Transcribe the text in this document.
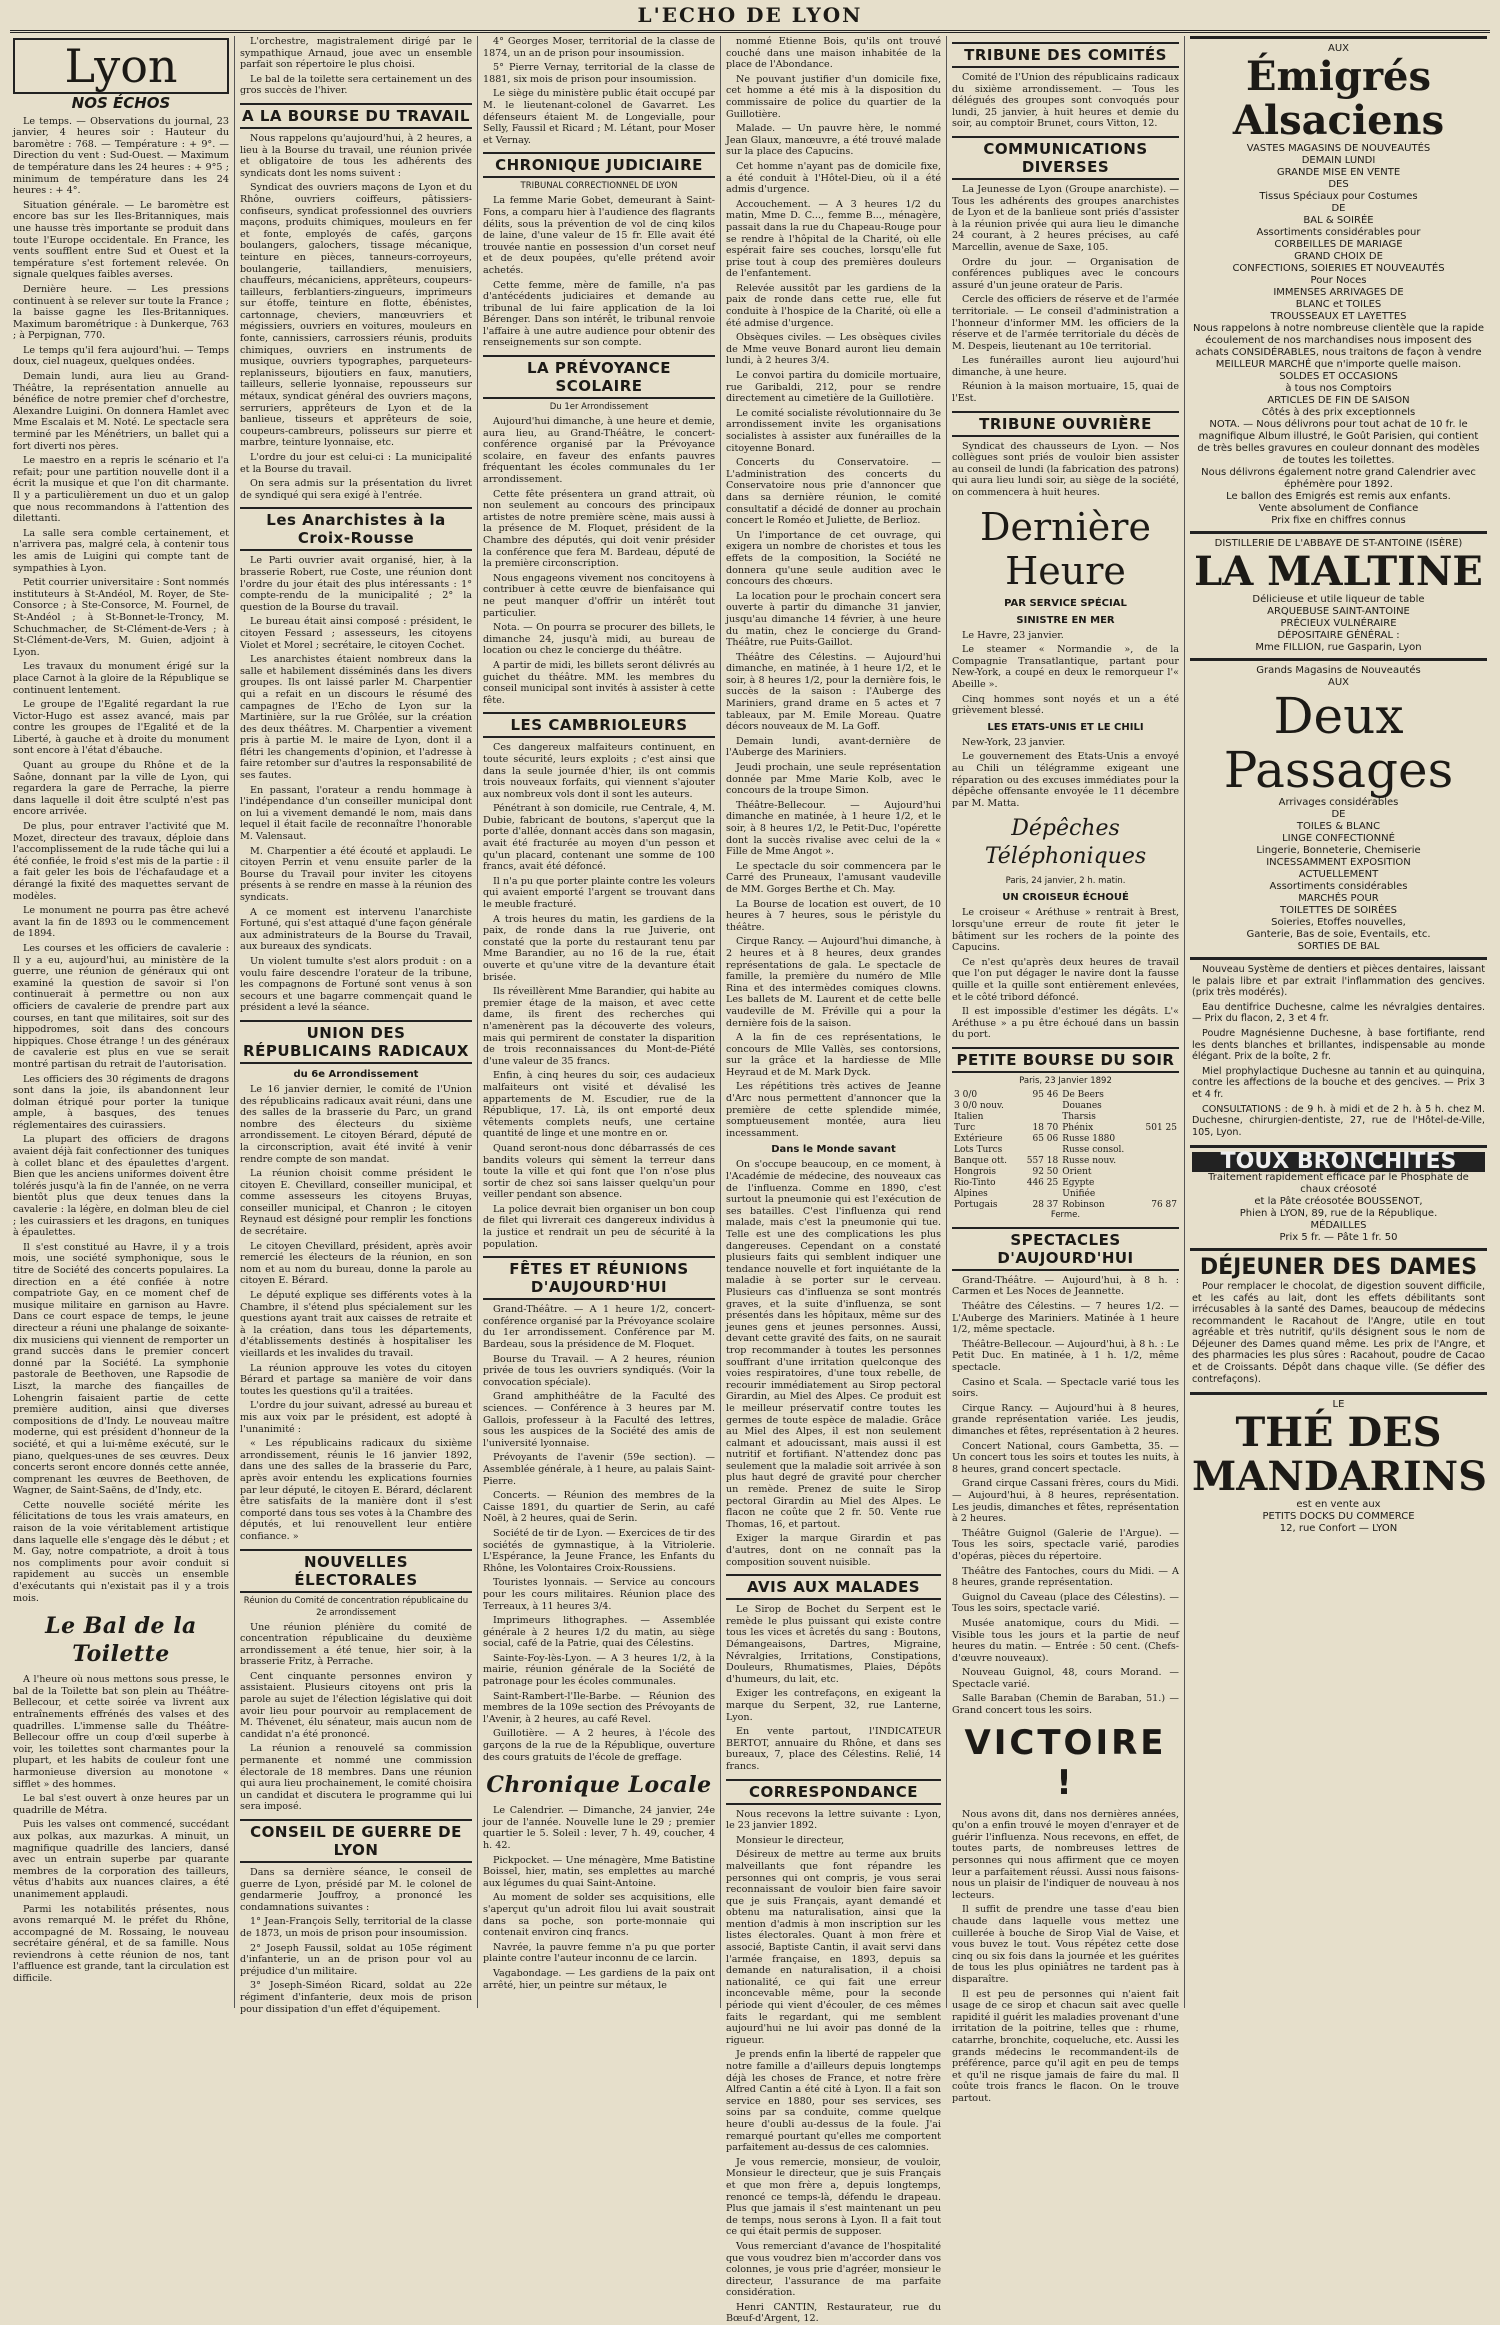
L'ECHO DE LYON
Lyon
NOS ÉCHOS

Le temps. — Observations du journal, 23 janvier, 4 heures soir : Hauteur du baromètre : 768. — Température : + 9°. — Direction du vent : Sud-Ouest. — Maximum de température dans les 24 heures : + 9°5 ; minimum de température dans les 24 heures : + 4°.

Situation générale. — Le baromètre est encore bas sur les Iles-Britanniques, mais une hausse très importante se produit dans toute l'Europe occidentale. En France, les vents soufflent entre Sud et Ouest et la température s'est fortement relevée. On signale quelques faibles averses.

Dernière heure. — Les pressions continuent à se relever sur toute la France ; la baisse gagne les Iles-Britanniques. Maximum barométrique : à Dunkerque, 763 ; à Perpignan, 770.

Le temps qu'il fera aujourd'hui. — Temps doux, ciel nuageux, quelques ondées.

Demain lundi, aura lieu au Grand-Théâtre, la représentation annuelle au bénéfice de notre premier chef d'orchestre, Alexandre Luigini. On donnera Hamlet avec Mme Escalais et M. Noté. Le spectacle sera terminé par les Ménétriers, un ballet qui a fort diverti nos pères.

Le maestro en a repris le scénario et l'a refait; pour une partition nouvelle dont il a écrit la musique et que l'on dit charmante. Il y a particulièrement un duo et un galop que nous recommandons à l'attention des dilettanti.

La salle sera comble certainement, et n'arrivera pas, malgré cela, à contenir tous les amis de Luigini qui compte tant de sympathies à Lyon.

Petit courrier universitaire : Sont nommés instituteurs à St-Andéol, M. Royer, de Ste-Consorce ; à Ste-Consorce, M. Fournel, de St-Andéol ; à St-Bonnet-le-Troncy, M. Schuchmacher, de St-Clément-de-Vers ; à St-Clément-de-Vers, M. Guien, adjoint à Lyon.

Les travaux du monument érigé sur la place Carnot à la gloire de la République se continuent lentement.

Le groupe de l'Egalité regardant la rue Victor-Hugo est assez avancé, mais par contre les groupes de l'Egalité et de la Liberté, à gauche et à droite du monument sont encore à l'état d'ébauche.

Quant au groupe du Rhône et de la Saône, donnant par la ville de Lyon, qui regardera la gare de Perrache, la pierre dans laquelle il doit être sculpté n'est pas encore arrivée.

De plus, pour entraver l'activité que M. Mozet, directeur des travaux, déploie dans l'accomplissement de la rude tâche qui lui a été confiée, le froid s'est mis de la partie : il a fait geler les bois de l'échafaudage et a dérangé la fixité des maquettes servant de modèles.

Le monument ne pourra pas être achevé avant la fin de 1893 ou le commencement de 1894.

Les courses et les officiers de cavalerie : Il y a eu, aujourd'hui, au ministère de la guerre, une réunion de généraux qui ont examiné la question de savoir si l'on continuerait à permettre ou non aux officiers de cavalerie de prendre part aux courses, en tant que militaires, soit sur des hippodromes, soit dans des concours hippiques. Chose étrange ! un des généraux de cavalerie est plus en vue se serait montré partisan du retrait de l'autorisation.

Les officiers des 30 régiments de dragons sont dans la joie, ils abandonnent leur dolman étriqué pour porter la tunique ample, à basques, des tenues réglementaires des cuirassiers.

La plupart des officiers de dragons avaient déjà fait confectionner des tuniques à collet blanc et des épaulettes d'argent. Bien que les anciens uniformes doivent être tolérés jusqu'à la fin de l'année, on ne verra bientôt plus que deux tenues dans la cavalerie : la légère, en dolman bleu de ciel ; les cuirassiers et les dragons, en tuniques à épaulettes.

Il s'est constitué au Havre, il y a trois mois, une société symphonique, sous le titre de Société des concerts populaires. La direction en a été confiée à notre compatriote Gay, en ce moment chef de musique militaire en garnison au Havre. Dans ce court espace de temps, le jeune directeur a réuni une phalange de soixante-dix musiciens qui viennent de remporter un grand succès dans le premier concert donné par la Société. La symphonie pastorale de Beethoven, une Rapsodie de Liszt, la marche des fiançailles de Lohengrin faisaient partie de cette première audition, ainsi que diverses compositions de d'Indy. Le nouveau maître moderne, qui est président d'honneur de la société, et qui a lui-même exécuté, sur le piano, quelques-unes de ses œuvres. Deux concerts seront encore donnés cette année, comprenant les œuvres de Beethoven, de Wagner, de Saint-Saëns, de d'Indy, etc.

Cette nouvelle société mérite les félicitations de tous les vrais amateurs, en raison de la voie véritablement artistique dans laquelle elle s'engage dès le début ; et M. Gay, notre compatriote, a droit à tous nos compliments pour avoir conduit si rapidement au succès un ensemble d'exécutants qui n'existait pas il y a trois mois.

Le Bal de la Toilette

A l'heure où nous mettons sous presse, le bal de la Toilette bat son plein au Théâtre-Bellecour, et cette soirée va livrent aux entraînements effrénés des valses et des quadrilles. L'immense salle du Théâtre-Bellecour offre un coup d'œil superbe à voir, les toilettes sont charmantes pour la plupart, et les habits de couleur font une harmonieuse diversion au monotone « sifflet » des hommes.

Le bal s'est ouvert à onze heures par un quadrille de Métra.

Puis les valses ont commencé, succédant aux polkas, aux mazurkas. A minuit, un magnifique quadrille des lanciers, dansé avec un entrain superbe par quarante membres de la corporation des tailleurs, vêtus d'habits aux nuances claires, a été unanimement applaudi.

Parmi les notabilités présentes, nous avons remarqué M. le préfet du Rhône, accompagné de M. Rossaing, le nouveau secrétaire général, et de sa famille. Nous reviendrons à cette réunion de nos, tant l'affluence est grande, tant la circulation est difficile.

L'orchestre, magistralement dirigé par le sympathique Arnaud, joue avec un ensemble parfait son répertoire le plus choisi.

Le bal de la toilette sera certainement un des gros succès de l'hiver.

A LA BOURSE DU TRAVAIL

Nous rappelons qu'aujourd'hui, à 2 heures, a lieu à la Bourse du travail, une réunion privée et obligatoire de tous les adhérents des syndicats dont les noms suivent :

Syndicat des ouvriers maçons de Lyon et du Rhône, ouvriers coiffeurs, pâtissiers-confiseurs, syndicat professionnel des ouvriers maçons, produits chimiques, mouleurs en fer et fonte, employés de cafés, garçons boulangers, galochers, tissage mécanique, teinture en pièces, tanneurs-corroyeurs, boulangerie, taillandiers, menuisiers, chauffeurs, mécaniciens, apprêteurs, coupeurs-tailleurs, ferblantiers-zingueurs, imprimeurs sur étoffe, teinture en flotte, ébénistes, cartonnage, cheviers, manœuvriers et mégissiers, ouvriers en voitures, mouleurs en fonte, cannissiers, carrossiers réunis, produits chimiques, ouvriers en instruments de musique, ouvriers typographes, parqueteurs-replanisseurs, bijoutiers en faux, manutiers, tailleurs, sellerie lyonnaise, repousseurs sur métaux, syndicat général des ouvriers maçons, serruriers, apprêteurs de Lyon et de la banlieue, tisseurs et apprêteurs de soie, coupeurs-cambreurs, polisseurs sur pierre et marbre, teinture lyonnaise, etc.

L'ordre du jour est celui-ci : La municipalité et la Bourse du travail.

On sera admis sur la présentation du livret de syndiqué qui sera exigé à l'entrée.

Les Anarchistes à la Croix-Rousse

Le Parti ouvrier avait organisé, hier, à la brasserie Robert, rue Coste, une réunion dont l'ordre du jour était des plus intéressants : 1° compte-rendu de la municipalité ; 2° la question de la Bourse du travail.

Le bureau était ainsi composé : président, le citoyen Fessard ; assesseurs, les citoyens Violet et Morel ; secrétaire, le citoyen Cochet.

Les anarchistes étaient nombreux dans la salle et habilement disséminés dans les divers groupes. Ils ont laissé parler M. Charpentier qui a refait en un discours le résumé des campagnes de l'Echo de Lyon sur la Martinière, sur la rue Grôlée, sur la création des deux théâtres. M. Charpentier a vivement pris à partie M. le maire de Lyon, dont il a flétri les changements d'opinion, et l'adresse à faire retomber sur d'autres la responsabilité de ses fautes.

En passant, l'orateur a rendu hommage à l'indépendance d'un conseiller municipal dont on lui a vivement demandé le nom, mais dans lequel il était facile de reconnaître l'honorable M. Valensaut.

M. Charpentier a été écouté et applaudi. Le citoyen Perrin et venu ensuite parler de la Bourse du Travail pour inviter les citoyens présents à se rendre en masse à la réunion des syndicats.

A ce moment est intervenu l'anarchiste Fortuné, qui s'est attaqué d'une façon générale aux administrateurs de la Bourse du Travail, aux bureaux des syndicats.

Un violent tumulte s'est alors produit : on a voulu faire descendre l'orateur de la tribune, les compagnons de Fortuné sont venus à son secours et une bagarre commençait quand le président a levé la séance.

UNION DES RÉPUBLICAINS RADICAUX
du 6e Arrondissement

Le 16 janvier dernier, le comité de l'Union des républicains radicaux avait réuni, dans une des salles de la brasserie du Parc, un grand nombre des électeurs du sixième arrondissement. Le citoyen Bérard, député de la circonscription, avait été invité à venir rendre compte de son mandat.

La réunion choisit comme président le citoyen E. Chevillard, conseiller municipal, et comme assesseurs les citoyens Bruyas, conseiller municipal, et Chanron ; le citoyen Reynaud est désigné pour remplir les fonctions de secrétaire.

Le citoyen Chevillard, président, après avoir remercié les électeurs de la réunion, en son nom et au nom du bureau, donne la parole au citoyen E. Bérard.

Le député explique ses différents votes à la Chambre, il s'étend plus spécialement sur les questions ayant trait aux caisses de retraite et à la création, dans tous les départements, d'établissements destinés à hospitaliser les vieillards et les invalides du travail.

La réunion approuve les votes du citoyen Bérard et partage sa manière de voir dans toutes les questions qu'il a traitées.

L'ordre du jour suivant, adressé au bureau et mis aux voix par le président, est adopté à l'unanimité :

« Les républicains radicaux du sixième arrondissement, réunis le 16 janvier 1892, dans une des salles de la brasserie du Parc, après avoir entendu les explications fournies par leur député, le citoyen E. Bérard, déclarent être satisfaits de la manière dont il s'est comporté dans tous ses votes à la Chambre des députés, et lui renouvellent leur entière confiance. »

NOUVELLES ÉLECTORALES
Réunion du Comité de concentration républicaine du 2e arrondissement

Une réunion plénière du comité de concentration républicaine du deuxième arrondissement a été tenue, hier soir, à la brasserie Fritz, à Perrache.

Cent cinquante personnes environ y assistaient. Plusieurs citoyens ont pris la parole au sujet de l'élection législative qui doit avoir lieu pour pourvoir au remplacement de M. Thévenet, élu sénateur, mais aucun nom de candidat n'a été prononcé.

La réunion a renouvelé sa commission permanente et nommé une commission électorale de 18 membres. Dans une réunion qui aura lieu prochainement, le comité choisira un candidat et discutera le programme qui lui sera imposé.

CONSEIL DE GUERRE DE LYON

Dans sa dernière séance, le conseil de guerre de Lyon, présidé par M. le colonel de gendarmerie Jouffroy, a prononcé les condamnations suivantes :

1° Jean-François Selly, territorial de la classe de 1873, un mois de prison pour insoumission.

2° Joseph Faussil, soldat au 105e régiment d'infanterie, un an de prison pour vol au préjudice d'un militaire.

3° Joseph-Siméon Ricard, soldat au 22e régiment d'infanterie, deux mois de prison pour dissipation d'un effet d'équipement.

4° Georges Moser, territorial de la classe de 1874, un an de prison pour insoumission.

5° Pierre Vernay, territorial de la classe de 1881, six mois de prison pour insoumission.

Le siège du ministère public était occupé par M. le lieutenant-colonel de Gavarret. Les défenseurs étaient M. de Longevialle, pour Selly, Faussil et Ricard ; M. Létant, pour Moser et Vernay.

CHRONIQUE JUDICIAIRE
TRIBUNAL CORRECTIONNEL DE LYON

La femme Marie Gobet, demeurant à Saint-Fons, a comparu hier à l'audience des flagrants délits, sous la prévention de vol de cinq kilos de laine, d'une valeur de 15 fr. Elle avait été trouvée nantie en possession d'un corset neuf et de deux poupées, qu'elle prétend avoir achetés.

Cette femme, mère de famille, n'a pas d'antécédents judiciaires et demande au tribunal de lui faire application de la loi Bérenger. Dans son intérêt, le tribunal renvoie l'affaire à une autre audience pour obtenir des renseignements sur son compte.

LA PRÉVOYANCE SCOLAIRE
Du 1er Arrondissement

Aujourd'hui dimanche, à une heure et demie, aura lieu, au Grand-Théâtre, le concert-conférence organisé par la Prévoyance scolaire, en faveur des enfants pauvres fréquentant les écoles communales du 1er arrondissement.

Cette fête présentera un grand attrait, où non seulement au concours des principaux artistes de notre première scène, mais aussi à la présence de M. Floquet, président de la Chambre des députés, qui doit venir présider la conférence que fera M. Bardeau, député de la première circonscription.

Nous engageons vivement nos concitoyens à contribuer à cette œuvre de bienfaisance qui ne peut manquer d'offrir un intérêt tout particulier.

Nota. — On pourra se procurer des billets, le dimanche 24, jusqu'à midi, au bureau de location ou chez le concierge du théâtre.

A partir de midi, les billets seront délivrés au guichet du théâtre. MM. les membres du conseil municipal sont invités à assister à cette fête.

LES CAMBRIOLEURS

Ces dangereux malfaiteurs continuent, en toute sécurité, leurs exploits ; c'est ainsi que dans la seule journée d'hier, ils ont commis trois nouveaux forfaits, qui viennent s'ajouter aux nombreux vols dont il sont les auteurs.

Pénétrant à son domicile, rue Centrale, 4, M. Dubie, fabricant de boutons, s'aperçut que la porte d'allée, donnant accès dans son magasin, avait été fracturée au moyen d'un pesson et qu'un placard, contenant une somme de 100 francs, avait été défoncé.

Il n'a pu que porter plainte contre les voleurs qui avaient emporté l'argent se trouvant dans le meuble fracturé.

A trois heures du matin, les gardiens de la paix, de ronde dans la rue Juiverie, ont constaté que la porte du restaurant tenu par Mme Barandier, au no 16 de la rue, était ouverte et qu'une vitre de la devanture était brisée.

Ils réveillèrent Mme Barandier, qui habite au premier étage de la maison, et avec cette dame, ils firent des recherches qui n'amenèrent pas la découverte des voleurs, mais qui permirent de constater la disparition de trois reconnaissances du Mont-de-Piété d'une valeur de 35 francs.

Enfin, à cinq heures du soir, ces audacieux malfaiteurs ont visité et dévalisé les appartements de M. Escudier, rue de la République, 17. Là, ils ont emporté deux vêtements complets neufs, une certaine quantité de linge et une montre en or.

Quand seront-nous donc débarrassés de ces bandits voleurs qui sèment la terreur dans toute la ville et qui font que l'on n'ose plus sortir de chez soi sans laisser quelqu'un pour veiller pendant son absence.

La police devrait bien organiser un bon coup de filet qui livrerait ces dangereux individus à la justice et rendrait un peu de sécurité à la population.

FÊTES ET RÉUNIONS D'AUJOURD'HUI

Grand-Théâtre. — A 1 heure 1/2, concert-conférence organisé par la Prévoyance scolaire du 1er arrondissement. Conférence par M. Bardeau, sous la présidence de M. Floquet.

Bourse du Travail. — A 2 heures, réunion privée de tous les ouvriers syndiqués. (Voir la convocation spéciale).

Grand amphithéâtre de la Faculté des sciences. — Conférence à 3 heures par M. Gallois, professeur à la Faculté des lettres, sous les auspices de la Société des amis de l'université lyonnaise.

Prévoyants de l'avenir (59e section). — Assemblée générale, à 1 heure, au palais Saint-Pierre.

Concerts. — Réunion des membres de la Caisse 1891, du quartier de Serin, au café Noël, à 2 heures, quai de Serin.

Société de tir de Lyon. — Exercices de tir des sociétés de gymnastique, à la Vitriolerie. L'Espérance, la Jeune France, les Enfants du Rhône, les Volontaires Croix-Roussiens.

Touristes lyonnais. — Service au concours pour les cours militaires. Réunion place des Terreaux, à 11 heures 3/4.

Imprimeurs lithographes. — Assemblée générale à 2 heures 1/2 du matin, au siège social, café de la Patrie, quai des Célestins.

Sainte-Foy-lès-Lyon. — A 3 heures 1/2, à la mairie, réunion générale de la Société de patronage pour les écoles communales.

Saint-Rambert-l'Ile-Barbe. — Réunion des membres de la 109e section des Prévoyants de l'Avenir, à 2 heures, au café Revel.

Guillotière. — A 2 heures, à l'école des garçons de la rue de la République, ouverture des cours gratuits de l'école de greffage.

Chronique Locale

Le Calendrier. — Dimanche, 24 janvier, 24e jour de l'année. Nouvelle lune le 29 ; premier quartier le 5. Soleil : lever, 7 h. 49, coucher, 4 h. 42.

Pickpocket. — Une ménagère, Mme Batistine Boissel, hier, matin, ses emplettes au marché aux légumes du quai Saint-Antoine.

Au moment de solder ses acquisitions, elle s'aperçut qu'un adroit filou lui avait soustrait dans sa poche, son porte-monnaie qui contenait environ cinq francs.

Navrée, la pauvre femme n'a pu que porter plainte contre l'auteur inconnu de ce larcin.

Vagabondage. — Les gardiens de la paix ont arrêté, hier, un peintre sur métaux, le

nommé Etienne Bois, qu'ils ont trouvé couché dans une maison inhabitée de la place de l'Abondance.

Ne pouvant justifier d'un domicile fixe, cet homme a été mis à la disposition du commissaire de police du quartier de la Guillotière.

Malade. — Un pauvre hère, le nommé Jean Glaux, manœuvre, a été trouvé malade sur la place des Capucins.

Cet homme n'ayant pas de domicile fixe, a été conduit à l'Hôtel-Dieu, où il a été admis d'urgence.

Accouchement. — A 3 heures 1/2 du matin, Mme D. C..., femme B..., ménagère, passait dans la rue du Chapeau-Rouge pour se rendre à l'hôpital de la Charité, où elle espérait faire ses couches, lorsqu'elle fut prise tout à coup des premières douleurs de l'enfantement.

Relevée aussitôt par les gardiens de la paix de ronde dans cette rue, elle fut conduite à l'hospice de la Charité, où elle a été admise d'urgence.

Obsèques civiles. — Les obsèques civiles de Mme veuve Bonard auront lieu demain lundi, à 2 heures 3/4.

Le convoi partira du domicile mortuaire, rue Garibaldi, 212, pour se rendre directement au cimetière de la Guillotière.

Le comité socialiste révolutionnaire du 3e arrondissement invite les organisations socialistes à assister aux funérailles de la citoyenne Bonard.

Concerts du Conservatoire. — L'administration des concerts du Conservatoire nous prie d'annoncer que dans sa dernière réunion, le comité consultatif a décidé de donner au prochain concert le Roméo et Juliette, de Berlioz.

Un l'importance de cet ouvrage, qui exigera un nombre de choristes et tous les effets de la composition, la Société ne donnera qu'une seule audition avec le concours des chœurs.

La location pour le prochain concert sera ouverte à partir du dimanche 31 janvier, jusqu'au dimanche 14 février, à une heure du matin, chez le concierge du Grand-Théâtre, rue Puits-Gaillot.

Théâtre des Célestins. — Aujourd'hui dimanche, en matinée, à 1 heure 1/2, et le soir, à 8 heures 1/2, pour la dernière fois, le succès de la saison : l'Auberge des Mariniers, grand drame en 5 actes et 7 tableaux, par M. Emile Moreau. Quatre décors nouveaux de M. La Goff.

Demain lundi, avant-dernière de l'Auberge des Mariniers.

Jeudi prochain, une seule représentation donnée par Mme Marie Kolb, avec le concours de la troupe Simon.

Théâtre-Bellecour. — Aujourd'hui dimanche en matinée, à 1 heure 1/2, et le soir, à 8 heures 1/2, le Petit-Duc, l'opérette dont la succès rivalise avec celui de la « Fille de Mme Angot ».

Le spectacle du soir commencera par le Carré des Pruneaux, l'amusant vaudeville de MM. Gorges Berthe et Ch. May.

La Bourse de location est ouvert, de 10 heures à 7 heures, sous le péristyle du théâtre.

Cirque Rancy. — Aujourd'hui dimanche, à 2 heures et à 8 heures, deux grandes représentations de gala. Le spectacle de famille, la première du numéro de Mlle Rina et des intermèdes comiques clowns. Les ballets de M. Laurent et de cette belle vaudeville de M. Fréville qui a pour la dernière fois de la saison.

A la fin de ces représentations, le concours de Mlle Vallès, ses contorsions, sur la grâce et la hardiesse de Mlle Heyraud et de M. Mark Dyck.

Les répétitions très actives de Jeanne d'Arc nous permettent d'annoncer que la première de cette splendide mimée, somptueusement montée, aura lieu incessamment.

Dans le Monde savant

On s'occupe beaucoup, en ce moment, à l'Académie de médecine, des nouveaux cas de l'influenza. Comme en 1890, c'est surtout la pneumonie qui est l'exécution de ses batailles. C'est l'influenza qui rend malade, mais c'est la pneumonie qui tue. Telle est une des complications les plus dangereuses. Cependant on a constaté plusieurs faits qui semblent indiquer une tendance nouvelle et fort inquiétante de la maladie à se porter sur le cerveau. Plusieurs cas d'influenza se sont montrés graves, et la suite d'influenza, se sont présentés dans les hôpitaux, même sur des jeunes gens et jeunes personnes. Aussi, devant cette gravité des faits, on ne saurait trop recommander à toutes les personnes souffrant d'une irritation quelconque des voies respiratoires, d'une toux rebelle, de recourir immédiatement au Sirop pectoral Girardin, au Miel des Alpes. Ce produit est le meilleur préservatif contre toutes les germes de toute espèce de maladie. Grâce au Miel des Alpes, il est non seulement calmant et adoucissant, mais aussi il est nutritif et fortifiant. N'attendez donc pas seulement que la maladie soit arrivée à son plus haut degré de gravité pour chercher un remède. Prenez de suite le Sirop pectoral Girardin au Miel des Alpes. Le flacon ne coûte que 2 fr. 50. Vente rue Thomas, 16, et partout.

Exiger la marque Girardin et pas d'autres, dont on ne connaît pas la composition souvent nuisible.

AVIS AUX MALADES

Le Sirop de Bochet du Serpent est le remède le plus puissant qui existe contre tous les vices et âcretés du sang : Boutons, Démangeaisons, Dartres, Migraine, Névralgies, Irritations, Constipations, Douleurs, Rhumatismes, Plaies, Dépôts d'humeurs, du lait, etc.

Exiger les contrefaçons, en exigeant la marque du Serpent, 32, rue Lanterne, Lyon.

En vente partout, l'INDICATEUR BERTOT, annuaire du Rhône, et dans ses bureaux, 7, place des Célestins. Relié, 14 francs.

CORRESPONDANCE

Nous recevons la lettre suivante : Lyon, le 23 janvier 1892.

Monsieur le directeur,

Désireux de mettre au terme aux bruits malveillants que font répandre les personnes qui ont compris, je vous serai reconnaissant de vouloir bien faire savoir que je suis Français, ayant demandé et obtenu ma naturalisation, ainsi que la mention d'admis à mon inscription sur les listes électorales. Quant à mon frère et associé, Baptiste Cantin, il avait servi dans l'armée française, en 1893, depuis sa demande en naturalisation, il a choisi nationalité, ce qui fait une erreur inconcevable même, pour la seconde période qui vient d'écouler, de ces mêmes faits le regardant, qui me semblent aujourd'hui ne lui avoir pas donné de la rigueur.

Je prends enfin la liberté de rappeler que notre famille a d'ailleurs depuis longtemps déjà les choses de France, et notre frère Alfred Cantin a été cité à Lyon. Il a fait son service en 1880, pour ses services, ses soins par sa conduite, comme quelque heure d'oubli au-dessus de la foule. J'ai remarqué pourtant qu'elles me comportent parfaitement au-dessus de ces calomnies.

Je vous remercie, monsieur, de vouloir, Monsieur le directeur, que je suis Français et que mon frère a, depuis longtemps, renoncé ce temps-là, défendu le drapeau. Plus que jamais il s'est maintenant un peu de temps, nous serons à Lyon. Il a fait tout ce qui était permis de supposer.

Vous remerciant d'avance de l'hospitalité que vous voudrez bien m'accorder dans vos colonnes, je vous prie d'agréer, monsieur le directeur, l'assurance de ma parfaite considération.

Henri CANTIN, Restaurateur, rue du Bœuf-d'Argent, 12.

TRIBUNE DES COMITÉS

Comité de l'Union des républicains radicaux du sixième arrondissement. — Tous les délégués des groupes sont convoqués pour lundi, 25 janvier, à huit heures et demie du soir, au comptoir Brunet, cours Vitton, 12.

COMMUNICATIONS DIVERSES

La Jeunesse de Lyon (Groupe anarchiste). — Tous les adhérents des groupes anarchistes de Lyon et de la banlieue sont priés d'assister à la réunion privée qui aura lieu le dimanche 24 courant, à 2 heures précises, au café Marcellin, avenue de Saxe, 105.

Ordre du jour. — Organisation de conférences publiques avec le concours assuré d'un jeune orateur de Paris.

Cercle des officiers de réserve et de l'armée territoriale. — Le conseil d'administration a l'honneur d'informer MM. les officiers de la réserve et de l'armée territoriale du décès de M. Despeis, lieutenant au 10e territorial.

Les funérailles auront lieu aujourd'hui dimanche, à une heure.

Réunion à la maison mortuaire, 15, quai de l'Est.

TRIBUNE OUVRIÈRE

Syndicat des chausseurs de Lyon. — Nos collègues sont priés de vouloir bien assister au conseil de lundi (la fabrication des patrons) qui aura lieu lundi soir, au siège de la société, on commencera à huit heures.

Dernière Heure
PAR SERVICE SPÉCIAL
SINISTRE EN MER

Le Havre, 23 janvier.

Le steamer « Normandie », de la Compagnie Transatlantique, partant pour New-York, a coupé en deux le remorqueur l'« Abeille ».

Cinq hommes sont noyés et un a été grièvement blessé.

LES ETATS-UNIS ET LE CHILI

New-York, 23 janvier.

Le gouvernement des Etats-Unis a envoyé au Chili un télégramme exigeant une réparation ou des excuses immédiates pour la dépêche offensante envoyée le 11 décembre par M. Matta.

Dépêches Téléphoniques
Paris, 24 janvier, 2 h. matin.
UN CROISEUR ÉCHOUÉ

Le croiseur « Aréthuse » rentrait à Brest, lorsqu'une erreur de route fit jeter le bâtiment sur les rochers de la pointe des Capucins.

Ce n'est qu'après deux heures de travail que l'on put dégager le navire dont la fausse quille et la quille sont entièrement enlevées, et le côté tribord défoncé.

Il est impossible d'estimer les dégâts. L'« Aréthuse » a pu être échoué dans un bassin du port.

PETITE BOURSE DU SOIR
Paris, 23 Janvier 1892
3 0/0	95 46	De Beers	
3 0/0 nouv.		Douanes	
Italien		Tharsis	
Turc	18 70	Phénix	501 25
Extérieure	65 06	Russe 1880	
Lots Turcs		Russe consol.	
Banque ott.	557 18	Russe nouv.	
Hongrois	92 50	Orient	
Rio-Tinto	446 25	Egypte	
Alpines		Unifiée	
Portugais	28 37	Robinson	76 87
Ferme.
SPECTACLES D'AUJOURD'HUI

Grand-Théâtre. — Aujourd'hui, à 8 h. : Carmen et Les Noces de Jeannette.

Théâtre des Célestins. — 7 heures 1/2. — L'Auberge des Mariniers. Matinée à 1 heure 1/2, même spectacle.

Théâtre-Bellecour. — Aujourd'hui, à 8 h. : Le Petit Duc. En matinée, à 1 h. 1/2, même spectacle.

Casino et Scala. — Spectacle varié tous les soirs.

Cirque Rancy. — Aujourd'hui à 8 heures, grande représentation variée. Les jeudis, dimanches et fêtes, représentation à 2 heures.

Concert National, cours Gambetta, 35. — Un concert tous les soirs et toutes les nuits, à 8 heures, grand concert spectacle.

Grand cirque Cassani frères, cours du Midi. — Aujourd'hui, à 8 heures, représentation. Les jeudis, dimanches et fêtes, représentation à 2 heures.

Théâtre Guignol (Galerie de l'Argue). — Tous les soirs, spectacle varié, parodies d'opéras, pièces du répertoire.

Théâtre des Fantoches, cours du Midi. — A 8 heures, grande représentation.

Guignol du Caveau (place des Célestins). — Tous les soirs, spectacle varié.

Musée anatomique, cours du Midi. — Visible tous les jours et la partie de neuf heures du matin. — Entrée : 50 cent. (Chefs-d'œuvre nouveaux).

Nouveau Guignol, 48, cours Morand. — Spectacle varié.

Salle Baraban (Chemin de Baraban, 51.) — Grand concert tous les soirs.

VICTOIRE !

Nous avons dit, dans nos dernières années, qu'on a enfin trouvé le moyen d'enrayer et de guérir l'influenza. Nous recevons, en effet, de toutes parts, de nombreuses lettres de personnes qui nous affirment que ce moyen leur a parfaitement réussi. Aussi nous faisons-nous un plaisir de l'indiquer de nouveau à nos lecteurs.

Il suffit de prendre une tasse d'eau bien chaude dans laquelle vous mettez une cuillerée à bouche de Sirop Vial de Vaise, et vous buvez le tout. Vous répétez cette dose cinq ou six fois dans la journée et les guérites de tous les plus opiniâtres ne tardent pas à disparaître.

Il est peu de personnes qui n'aient fait usage de ce sirop et chacun sait avec quelle rapidité il guérit les maladies provenant d'une irritation de la poitrine, telles que : rhume, catarrhe, bronchite, coqueluche, etc. Aussi les grands médecins le recommandent-ils de préférence, parce qu'il agit en peu de temps et qu'il ne risque jamais de faire du mal. Il coûte trois francs le flacon. On le trouve partout.

AUX
Émigrés Alsaciens
VASTES MAGASINS DE NOUVEAUTÉS
DEMAIN LUNDI
GRANDE MISE EN VENTE
DES
Tissus Spéciaux pour Costumes
DE
BAL & SOIRÉE
Assortiments considérables pour
CORBEILLES DE MARIAGE
GRAND CHOIX DE
CONFECTIONS, SOIERIES ET NOUVEAUTÉS
Pour Noces
IMMENSES ARRIVAGES DE
BLANC et TOILES
TROUSSEAUX ET LAYETTES
Nous rappelons à notre nombreuse clientèle que la rapide écoulement de nos marchandises nous imposent des achats CONSIDÉRABLES, nous traitons de façon à vendre MEILLEUR MARCHÉ que n'importe quelle maison.
SOLDES ET OCCASIONS
à tous nos Comptoirs
ARTICLES DE FIN DE SAISON
Côtés à des prix exceptionnels
NOTA. — Nous délivrons pour tout achat de 10 fr. le magnifique Album illustré, le Goût Parisien, qui contient de très belles gravures en couleur donnant des modèles de toutes les toilettes.
Nous délivrons également notre grand Calendrier avec éphémère pour 1892.
Le ballon des Emigrés est remis aux enfants.
Vente absolument de Confiance
Prix fixe en chiffres connus
DISTILLERIE DE L'ABBAYE DE ST-ANTOINE (ISÈRE)
LA MALTINE
Délicieuse et utile liqueur de table
ARQUEBUSE SAINT-ANTOINE
PRÉCIEUX VULNÉRAIRE
DÉPOSITAIRE GÉNÉRAL :
Mme FILLION, rue Gasparin, Lyon
Grands Magasins de Nouveautés
AUX
Deux Passages
Arrivages considérables
DE
TOILES & BLANC
LINGE CONFECTIONNÉ
Lingerie, Bonneterie, Chemiserie
INCESSAMMENT EXPOSITION
ACTUELLEMENT
Assortiments considérables
MARCHÉS POUR
TOILETTES DE SOIRÉES
Soieries, Etoffes nouvelles,
Ganterie, Bas de soie, Eventails, etc.
SORTIES DE BAL

Nouveau Système de dentiers et pièces dentaires, laissant le palais libre et par extrait l'inflammation des gencives. (prix très modérés).

Eau dentifrice Duchesne, calme les névralgies dentaires. — Prix du flacon, 2, 3 et 4 fr.

Poudre Magnésienne Duchesne, à base fortifiante, rend les dents blanches et brillantes, indispensable au monde élégant. Prix de la boîte, 2 fr.

Miel prophylactique Duchesne au tannin et au quinquina, contre les affections de la bouche et des gencives. — Prix 3 et 4 fr.

CONSULTATIONS : de 9 h. à midi et de 2 h. à 5 h. chez M. Duchesne, chirurgien-dentiste, 27, rue de l'Hôtel-de-Ville, 105, Lyon.

TOUX BRONCHITES
Traitement rapidement efficace par le Phosphate de chaux créosoté
et la Pâte créosotée BOUSSENOT,
Phien à LYON, 89, rue de la République.
MÉDAILLES
Prix 5 fr. — Pâte 1 fr. 50
DÉJEUNER DES DAMES

Pour remplacer le chocolat, de digestion souvent difficile, et les cafés au lait, dont les effets débilitants sont irrécusables à la santé des Dames, beaucoup de médecins recommandent le Racahout de l'Angre, utile en tout agréable et très nutritif, qu'ils désignent sous le nom de Déjeuner des Dames quand même. Les prix de l'Angre, et des pharmacies les plus sûres : Racahout, poudre de Cacao et de Croissants. Dépôt dans chaque ville. (Se défier des contrefaçons).

LE
THÉ DES MANDARINS
est en vente aux
PETITS DOCKS DU COMMERCE
12, rue Confort — LYON
